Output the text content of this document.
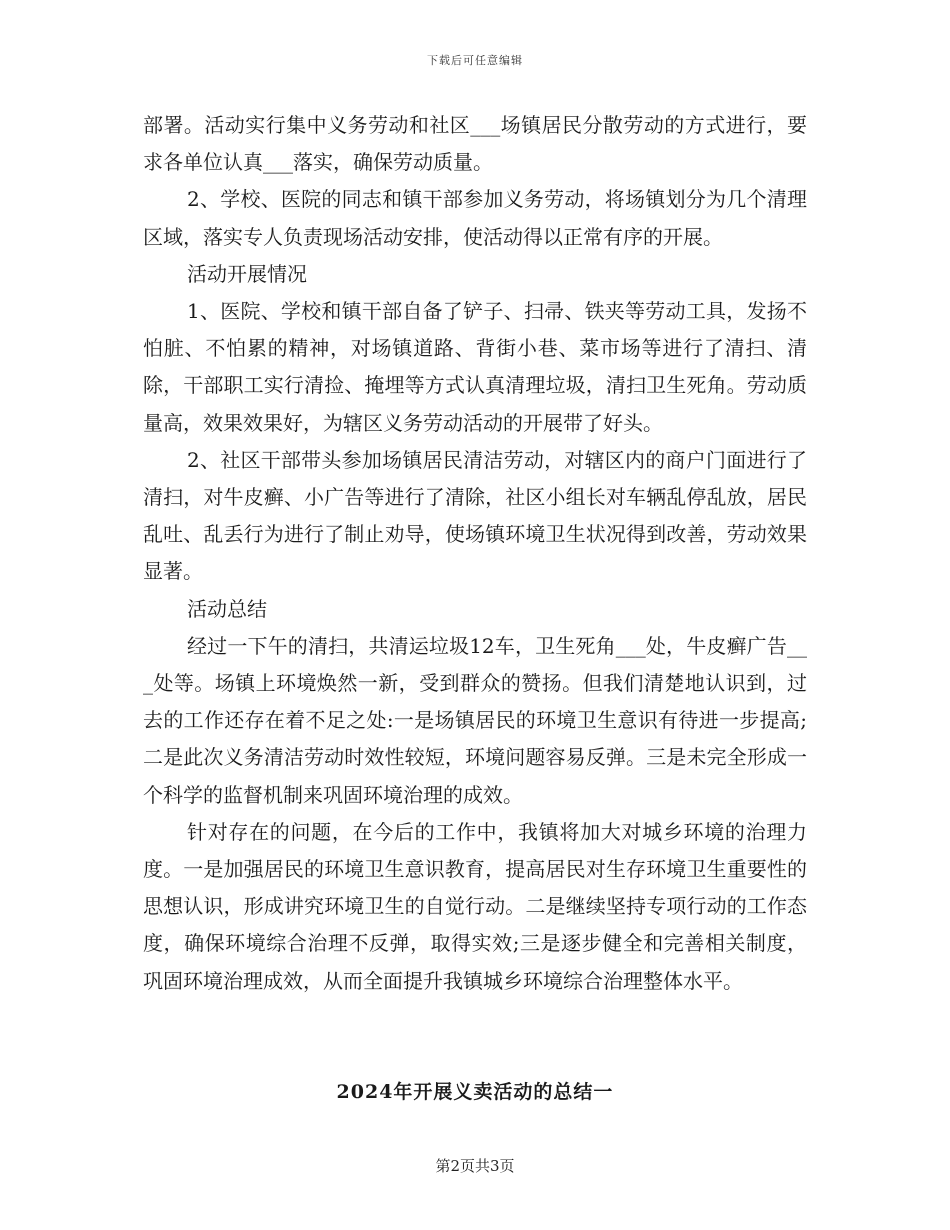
下载后可任意编辑

部署。活动实行集中义务劳动和社区___场镇居民分散劳动的方式进行，要求各单位认真___落实，确保劳动质量。

2、学校、医院的同志和镇干部参加义务劳动，将场镇划分为几个清理区域，落实专人负责现场活动安排，使活动得以正常有序的开展。

活动开展情况

1、医院、学校和镇干部自备了铲子、扫帚、铁夹等劳动工具，发扬不怕脏、不怕累的精神，对场镇道路、背街小巷、菜市场等进行了清扫、清除，干部职工实行清捡、掩埋等方式认真清理垃圾，清扫卫生死角。劳动质量高，效果效果好，为辖区义务劳动活动的开展带了好头。

2、社区干部带头参加场镇居民清洁劳动，对辖区内的商户门面进行了清扫，对牛皮癣、小广告等进行了清除，社区小组长对车辆乱停乱放，居民乱吐、乱丢行为进行了制止劝导，使场镇环境卫生状况得到改善，劳动效果显著。

活动总结

经过一下午的清扫，共清运垃圾12车，卫生死角___处，牛皮癣广告___处等。场镇上环境焕然一新，受到群众的赞扬。但我们清楚地认识到，过去的工作还存在着不足之处:一是场镇居民的环境卫生意识有待进一步提高;二是此次义务清洁劳动时效性较短，环境问题容易反弹。三是未完全形成一个科学的监督机制来巩固环境治理的成效。

针对存在的问题，在今后的工作中，我镇将加大对城乡环境的治理力度。一是加强居民的环境卫生意识教育，提高居民对生存环境卫生重要性的思想认识，形成讲究环境卫生的自觉行动。二是继续坚持专项行动的工作态度，确保环境综合治理不反弹，取得实效;三是逐步健全和完善相关制度，巩固环境治理成效，从而全面提升我镇城乡环境综合治理整体水平。

2024年开展义卖活动的总结一
第2页共3页
